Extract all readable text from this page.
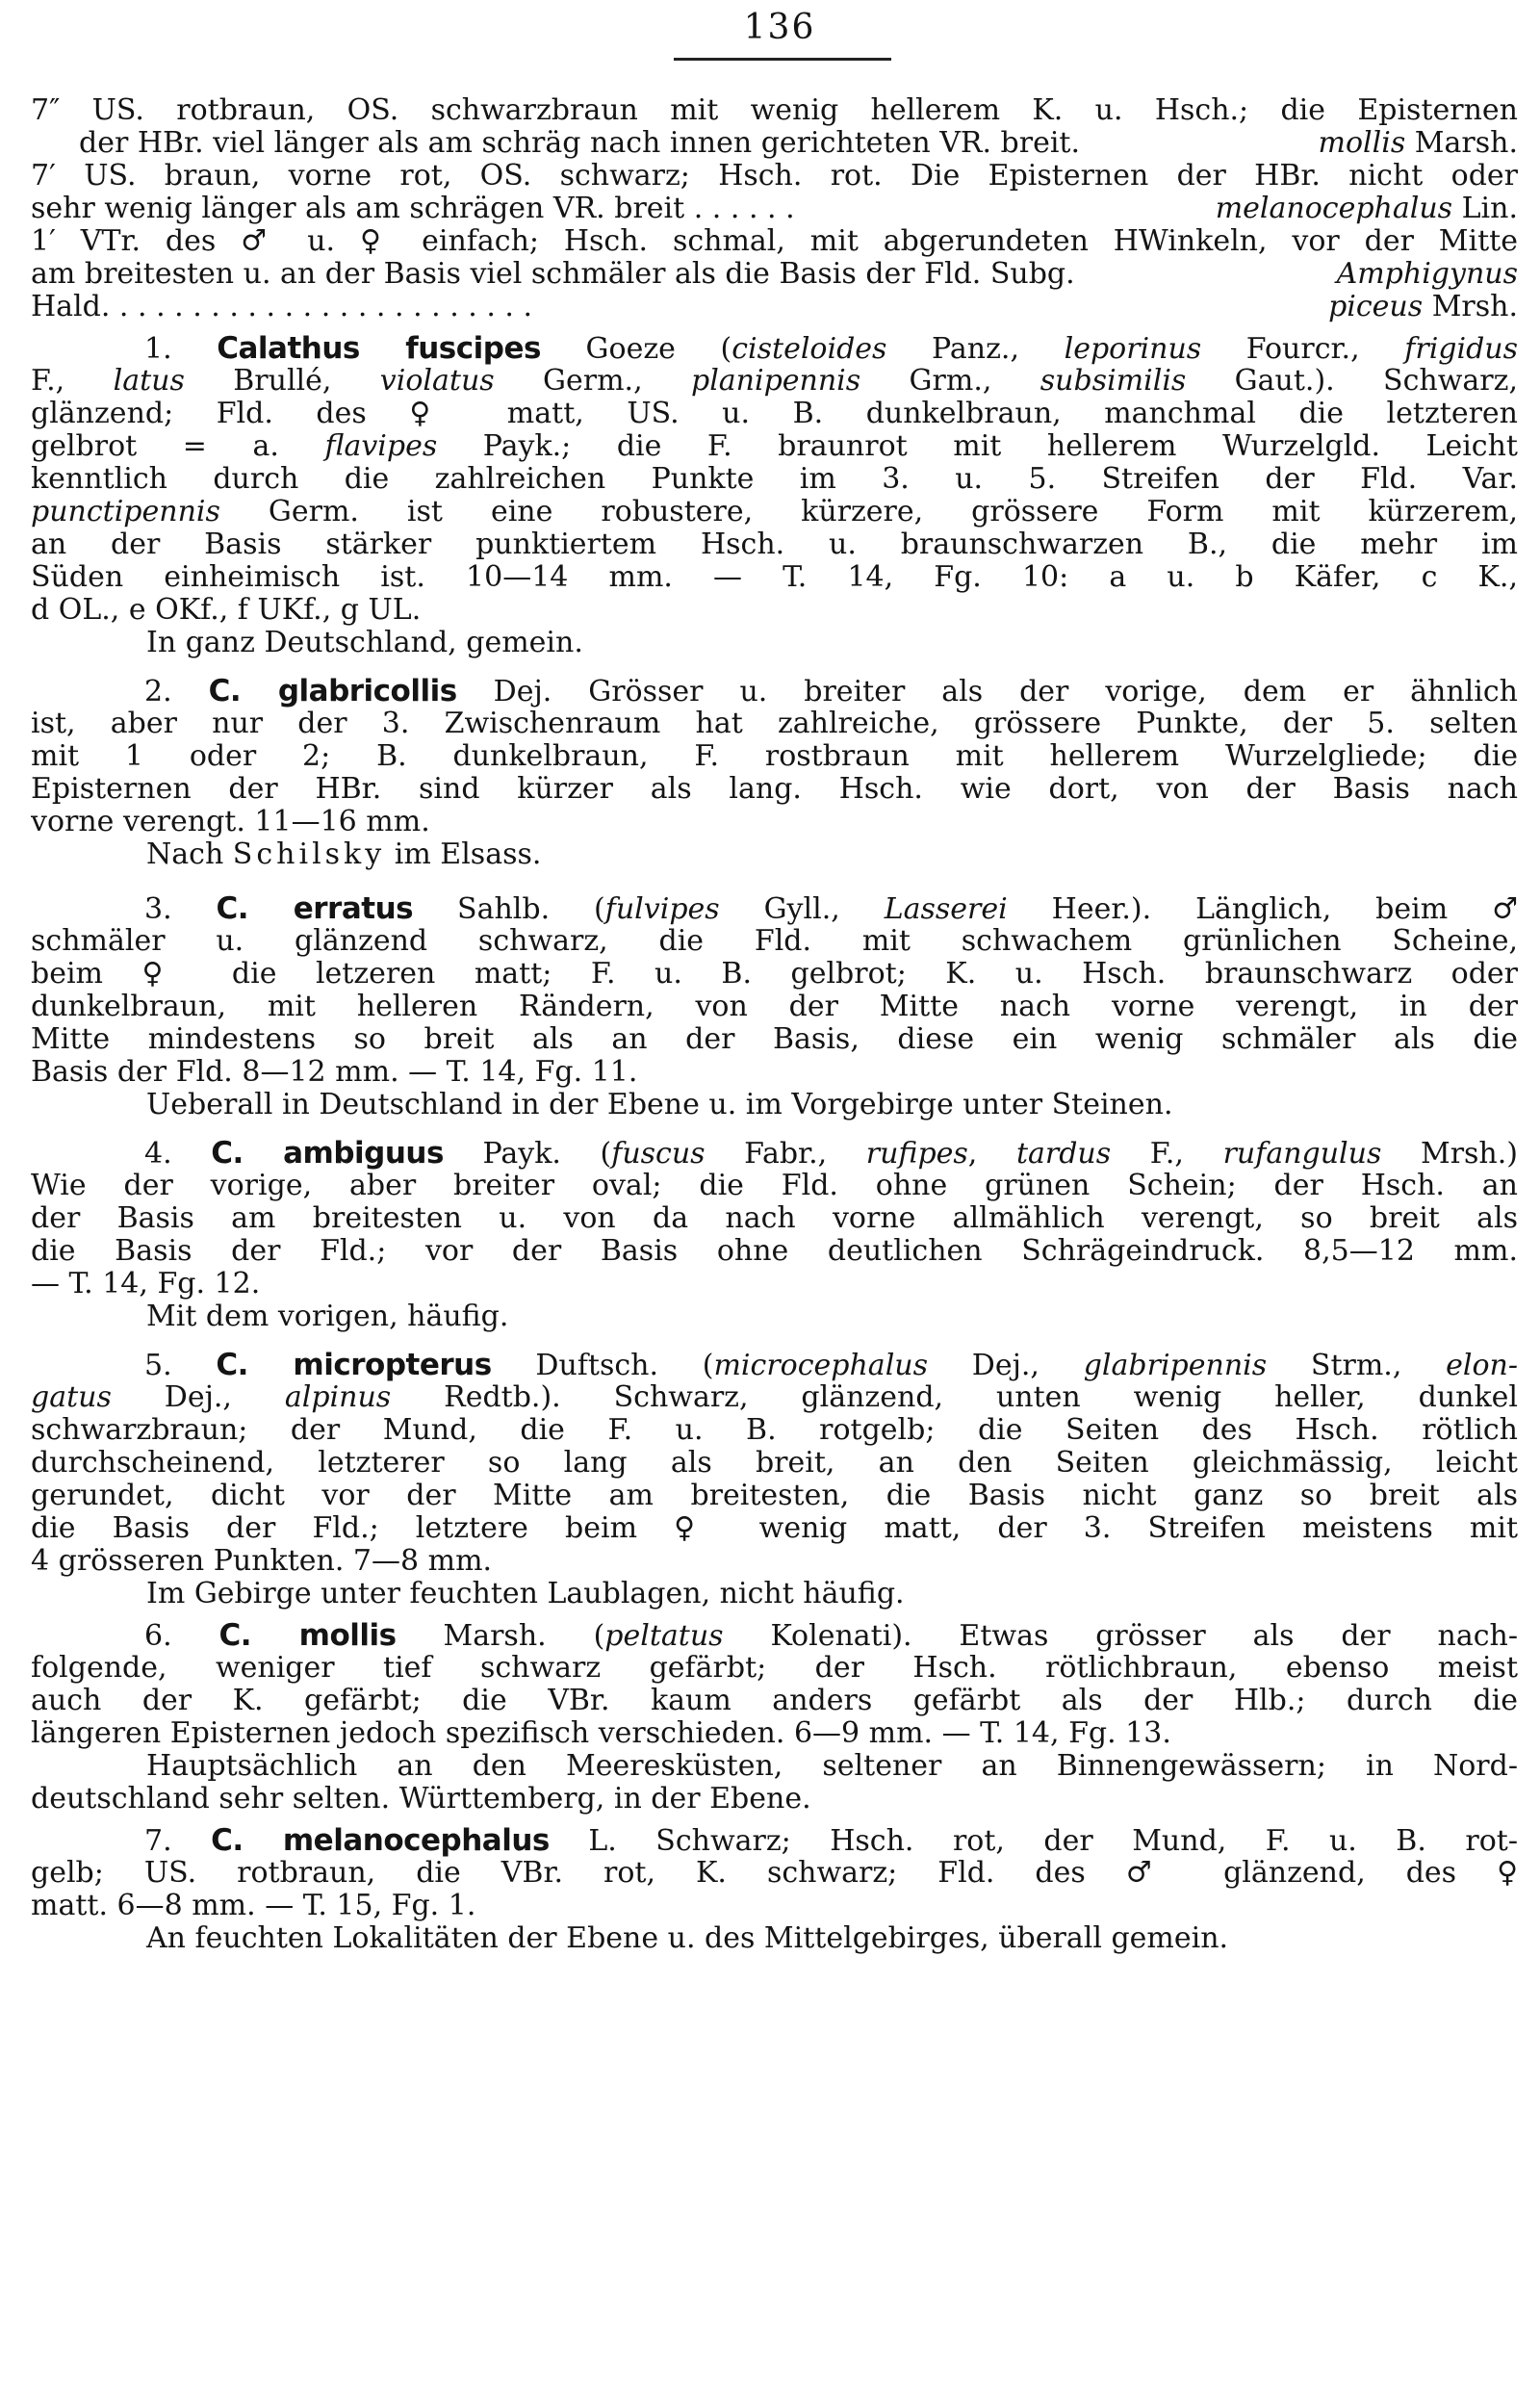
136
7″ US. rotbraun, OS. schwarzbraun mit wenig hellerem K. u. Hsch.; die Episternen
der HBr. viel länger als am schräg nach innen gerichteten VR. breit.	mollis Marsh.
7′ US. braun, vorne rot, OS. schwarz; Hsch. rot. Die Episternen der HBr. nicht oder
sehr wenig länger als am schrägen VR. breit . . . . . .	melanocephalus Lin.
1′ VTr. des ♂ u. ♀ einfach; Hsch. schmal, mit abgerundeten HWinkeln, vor der Mitte
am breitesten u. an der Basis viel schmäler als die Basis der Fld. Subg.	Amphigynus
Hald. . . . . . . . . . . . . . . . . . . . . . . .	piceus Mrsh.
1. Calathus fuscipes Goeze (cisteloides Panz., leporinus Fourcr., frigidus
F., latus Brullé, violatus Germ., planipennis Grm., subsimilis Gaut.). Schwarz,
glänzend; Fld. des ♀ matt, US. u. B. dunkelbraun, manchmal die letzteren
gelbrot = a. flavipes Payk.; die F. braunrot mit hellerem Wurzelgld. Leicht
kenntlich durch die zahlreichen Punkte im 3. u. 5. Streifen der Fld. Var.
punctipennis Germ. ist eine robustere, kürzere, grössere Form mit kürzerem,
an der Basis stärker punktiertem Hsch. u. braunschwarzen B., die mehr im
Süden einheimisch ist. 10—14 mm. — T. 14, Fg. 10: a u. b Käfer, c K.,
d OL., e OKf., f UKf., g UL.
In ganz Deutschland, gemein.
2. C. glabricollis Dej. Grösser u. breiter als der vorige, dem er ähnlich
ist, aber nur der 3. Zwischenraum hat zahlreiche, grössere Punkte, der 5. selten
mit 1 oder 2; B. dunkelbraun, F. rostbraun mit hellerem Wurzelgliede; die
Episternen der HBr. sind kürzer als lang. Hsch. wie dort, von der Basis nach
vorne verengt. 11—16 mm.
Nach Schilsky im Elsass.
3. C. erratus Sahlb. (fulvipes Gyll., Lasserei Heer.). Länglich, beim ♂
schmäler u. glänzend schwarz, die Fld. mit schwachem grünlichen Scheine,
beim ♀ die letzeren matt; F. u. B. gelbrot; K. u. Hsch. braunschwarz oder
dunkelbraun, mit helleren Rändern, von der Mitte nach vorne verengt, in der
Mitte mindestens so breit als an der Basis, diese ein wenig schmäler als die
Basis der Fld. 8—12 mm. — T. 14, Fg. 11.
Ueberall in Deutschland in der Ebene u. im Vorgebirge unter Steinen.
4. C. ambiguus Payk. (fuscus Fabr., rufipes, tardus F., rufangulus Mrsh.)
Wie der vorige, aber breiter oval; die Fld. ohne grünen Schein; der Hsch. an
der Basis am breitesten u. von da nach vorne allmählich verengt, so breit als
die Basis der Fld.; vor der Basis ohne deutlichen Schrägeindruck. 8,5—12 mm.
— T. 14, Fg. 12.
Mit dem vorigen, häufig.
5. C. micropterus Duftsch. (microcephalus Dej., glabripennis Strm., elon-
gatus Dej., alpinus Redtb.). Schwarz, glänzend, unten wenig heller, dunkel
schwarzbraun; der Mund, die F. u. B. rotgelb; die Seiten des Hsch. rötlich
durchscheinend, letzterer so lang als breit, an den Seiten gleichmässig, leicht
gerundet, dicht vor der Mitte am breitesten, die Basis nicht ganz so breit als
die Basis der Fld.; letztere beim ♀ wenig matt, der 3. Streifen meistens mit
4 grösseren Punkten. 7—8 mm.
Im Gebirge unter feuchten Laublagen, nicht häufig.
6. C. mollis Marsh. (peltatus Kolenati). Etwas grösser als der nach-
folgende, weniger tief schwarz gefärbt; der Hsch. rötlichbraun, ebenso meist
auch der K. gefärbt; die VBr. kaum anders gefärbt als der Hlb.; durch die
längeren Episternen jedoch spezifisch verschieden. 6—9 mm. — T. 14, Fg. 13.
Hauptsächlich an den Meeresküsten, seltener an Binnengewässern; in Nord-
deutschland sehr selten. Württemberg, in der Ebene.
7. C. melanocephalus L. Schwarz; Hsch. rot, der Mund, F. u. B. rot-
gelb; US. rotbraun, die VBr. rot, K. schwarz; Fld. des ♂ glänzend, des ♀
matt. 6—8 mm. — T. 15, Fg. 1.
An feuchten Lokalitäten der Ebene u. des Mittelgebirges, überall gemein.
